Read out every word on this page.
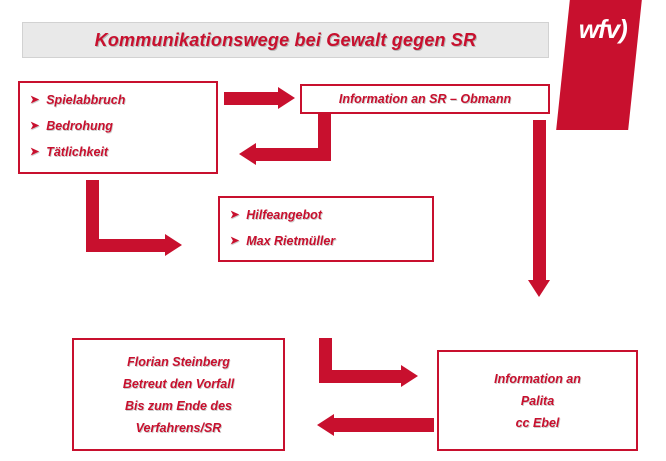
wfv)
Kommunikationswege bei Gewalt gegen SR
➤ Spielabbruch
➤ Bedrohung
➤ Tätlichkeit
Information an SR – Obmann
➤ Hilfeangebot
➤ Max Rietmüller
Florian Steinberg
Betreut den Vorfall
Bis zum Ende des
Verfahrens/SR
Information an
Palita
cc Ebel
